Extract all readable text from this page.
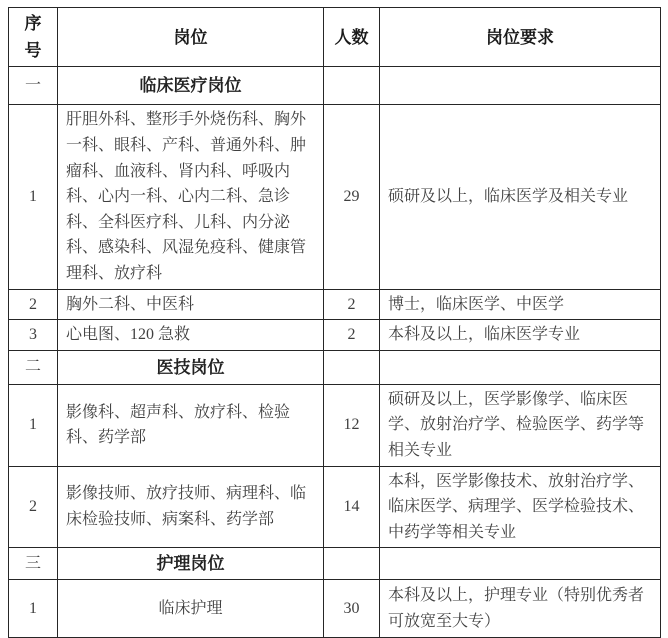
序号	岗位	人数	岗位要求
一	临床医疗岗位		
1	肝胆外科、整形手外烧伤科、胸外一科、眼科、产科、普通外科、肿瘤科、血液科、肾内科、呼吸内科、心内一科、心内二科、急诊科、全科医疗科、儿科、内分泌科、感染科、风湿免疫科、健康管理科、放疗科	29	硕研及以上，临床医学及相关专业
2	胸外二科、中医科	2	博士，临床医学、中医学
3	心电图、120 急救	2	本科及以上，临床医学专业
二	医技岗位		
1	影像科、超声科、放疗科、检验科、药学部	12	硕研及以上，医学影像学、临床医学、放射治疗学、检验医学、药学等相关专业
2	影像技师、放疗技师、病理科、临床检验技师、病案科、药学部	14	本科，医学影像技术、放射治疗学、临床医学、病理学、医学检验技术、中药学等相关专业
三	护理岗位		
1	临床护理	30	本科及以上，护理专业（特别优秀者可放宽至大专）
